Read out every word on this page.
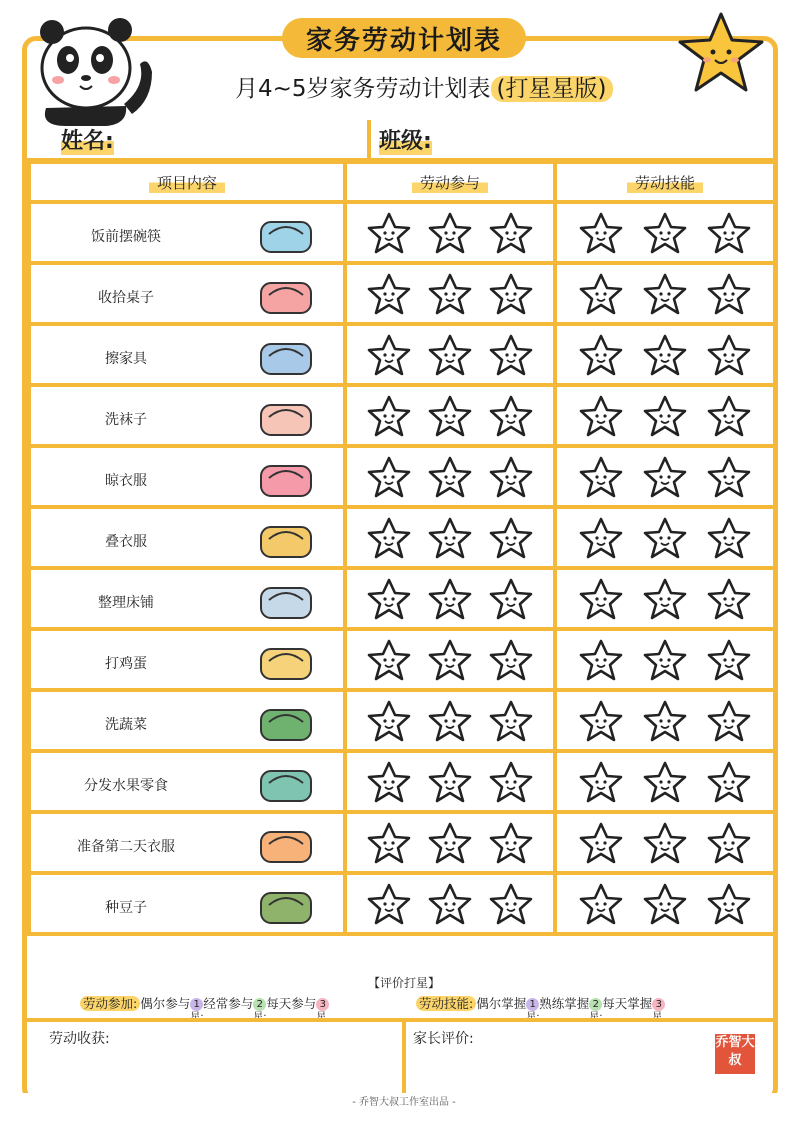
家务劳动计划表
月4~5岁家务劳动计划表 (打星星版)
姓名:	班级:
项目内容	劳动参与	劳动技能

饭前摆碗筷

收拾桌子

擦家具

洗袜子

晾衣服

叠衣服

整理床铺

打鸡蛋

洗蔬菜

分发水果零食

准备第二天衣服

种豆子

【评价打星】
劳动参加: 偶尔参与 1星;经常参与 2星;每天参与 3星。
劳动技能: 偶尔掌握 1星;熟练掌握 2星;每天掌握 3星。
劳动收获:	家长评价:	乔智大叔
- 乔智大叔工作室出品 -
